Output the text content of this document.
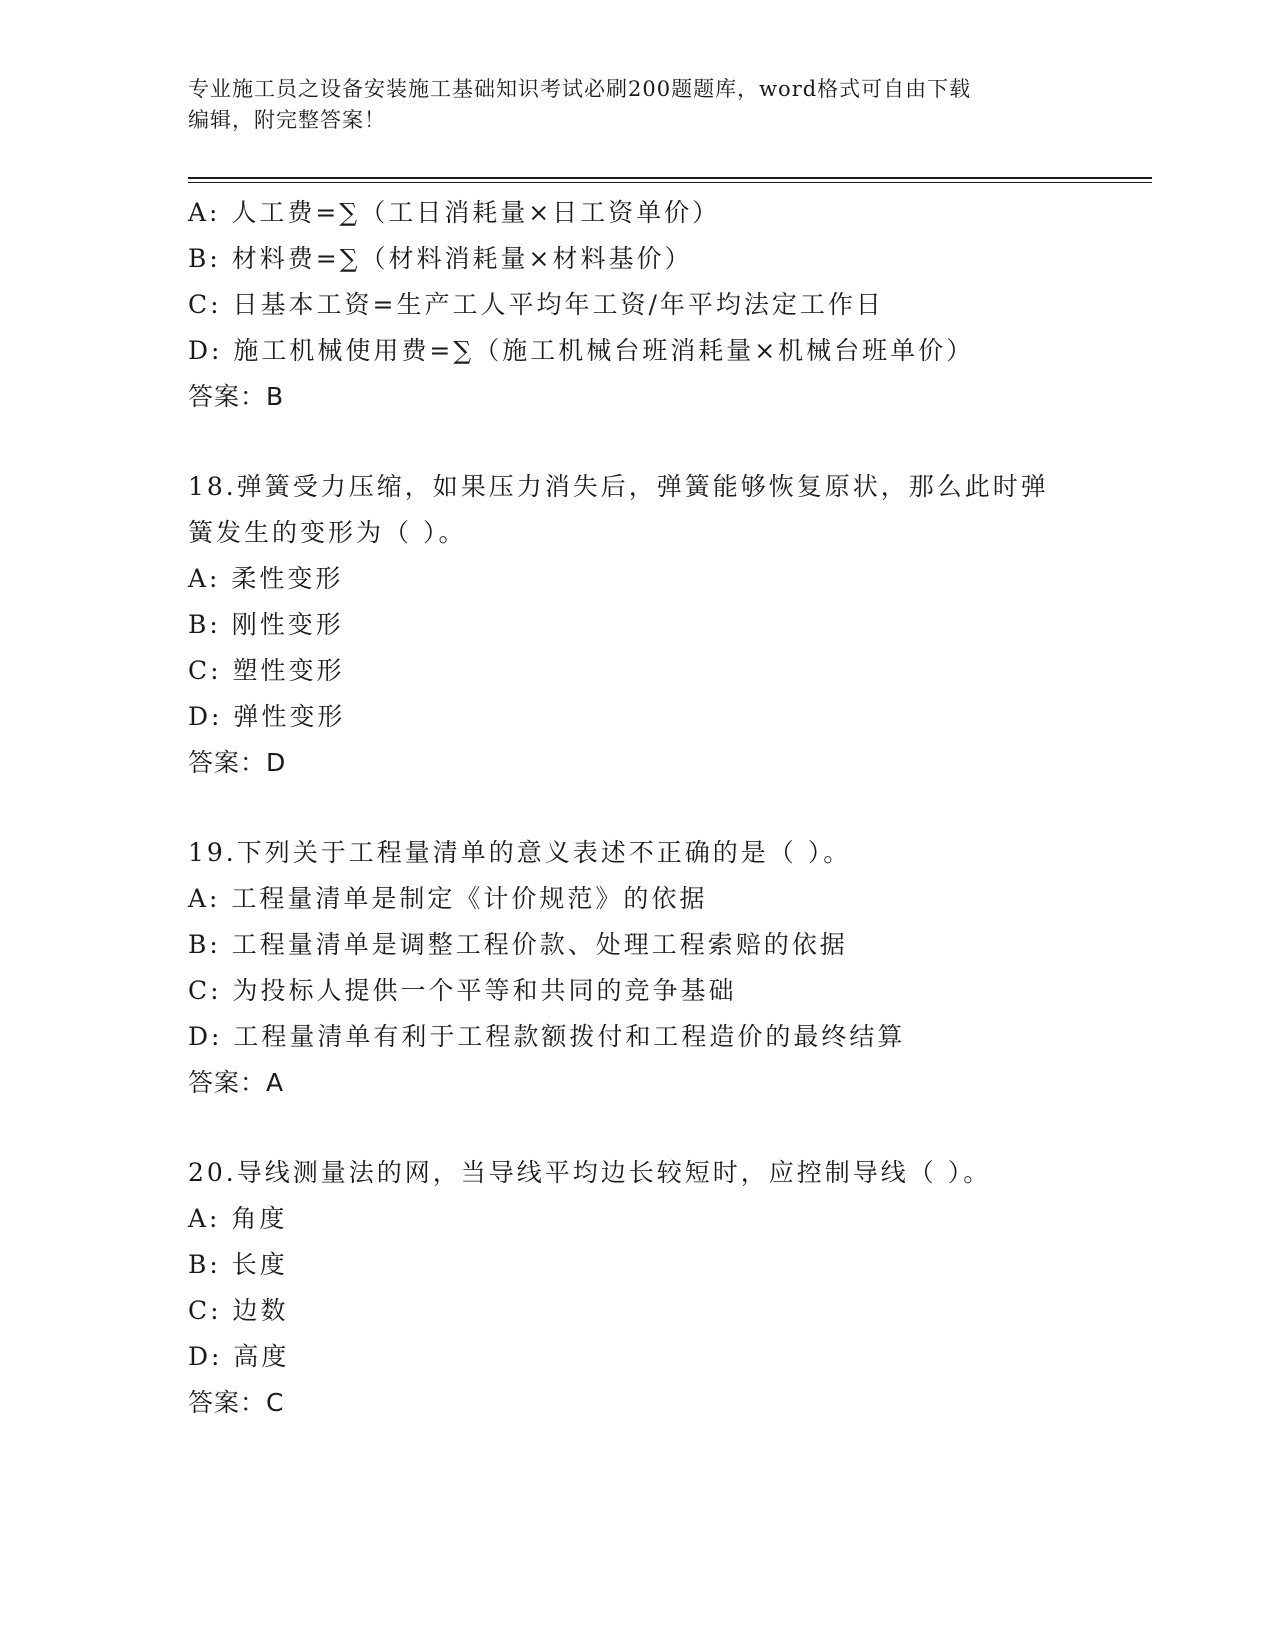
专业施工员之设备安装施工基础知识考试必刷200题题库，word格式可自由下载
编辑，附完整答案！
A: 人工费=∑（工日消耗量×日工资单价）
B: 材料费=∑（材料消耗量×材料基价）
C: 日基本工资=生产工人平均年工资/年平均法定工作日
D: 施工机械使用费=∑（施工机械台班消耗量×机械台班单价）
答案：B
18.弹簧受力压缩，如果压力消失后，弹簧能够恢复原状，那么此时弹
簧发生的变形为（ ）。
A: 柔性变形
B: 刚性变形
C: 塑性变形
D: 弹性变形
答案：D
19.下列关于工程量清单的意义表述不正确的是（ ）。
A: 工程量清单是制定《计价规范》的依据
B: 工程量清单是调整工程价款、处理工程索赔的依据
C: 为投标人提供一个平等和共同的竞争基础
D: 工程量清单有利于工程款额拨付和工程造价的最终结算
答案：A
20.导线测量法的网，当导线平均边长较短时，应控制导线（ ）。
A: 角度
B: 长度
C: 边数
D: 高度
答案：C
